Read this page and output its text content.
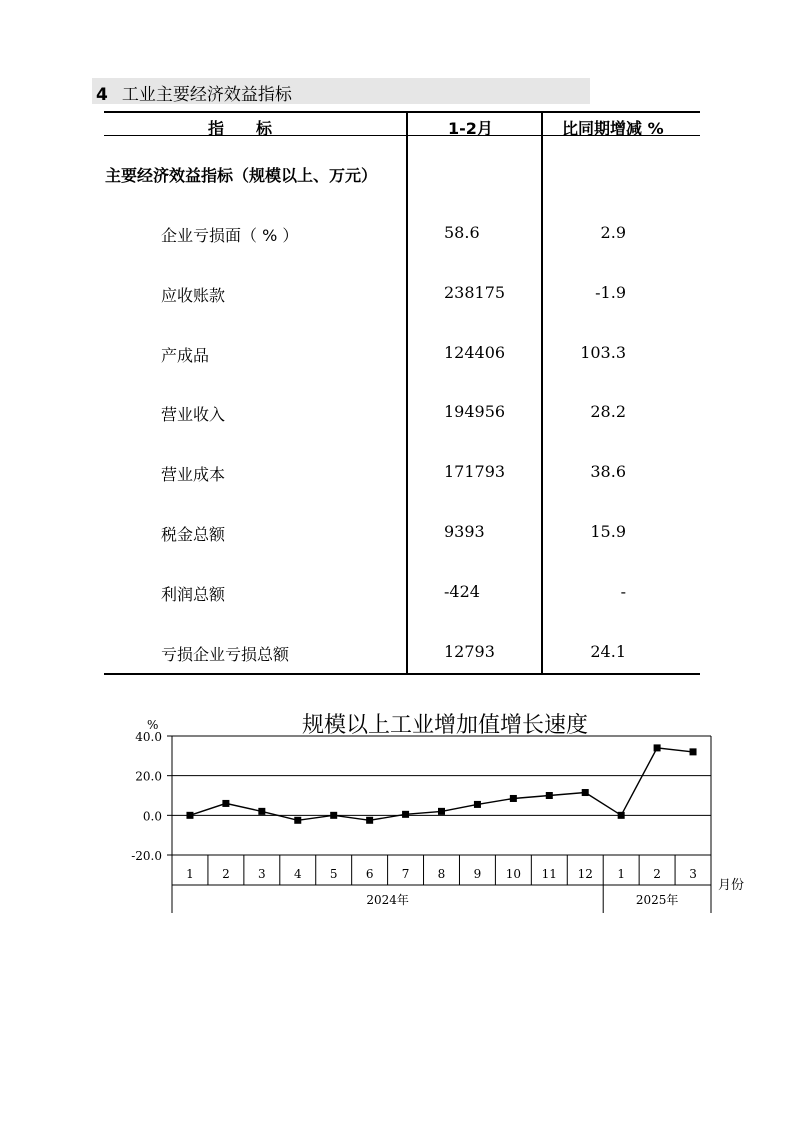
4 工业主要经济效益指标
指　　标	1-2月	比同期增减 %
主要经济效益指标（规模以上、万元）
企业亏损面（ % ）	58.6	2.9
应收账款	238175	-1.9
产成品	124406	103.3
营业收入	194956	28.2
营业成本	171793	38.6
税金总额	9393	15.9
利润总额	-424	-
亏损企业亏损总额	12793	24.1
规模以上工业增加值增长速度
40.0
20.0
0.0
-20.0
%
1 2 3 4 5 6 7 8 9 10 11 12 1 2 3
2024年	2025年
月份
